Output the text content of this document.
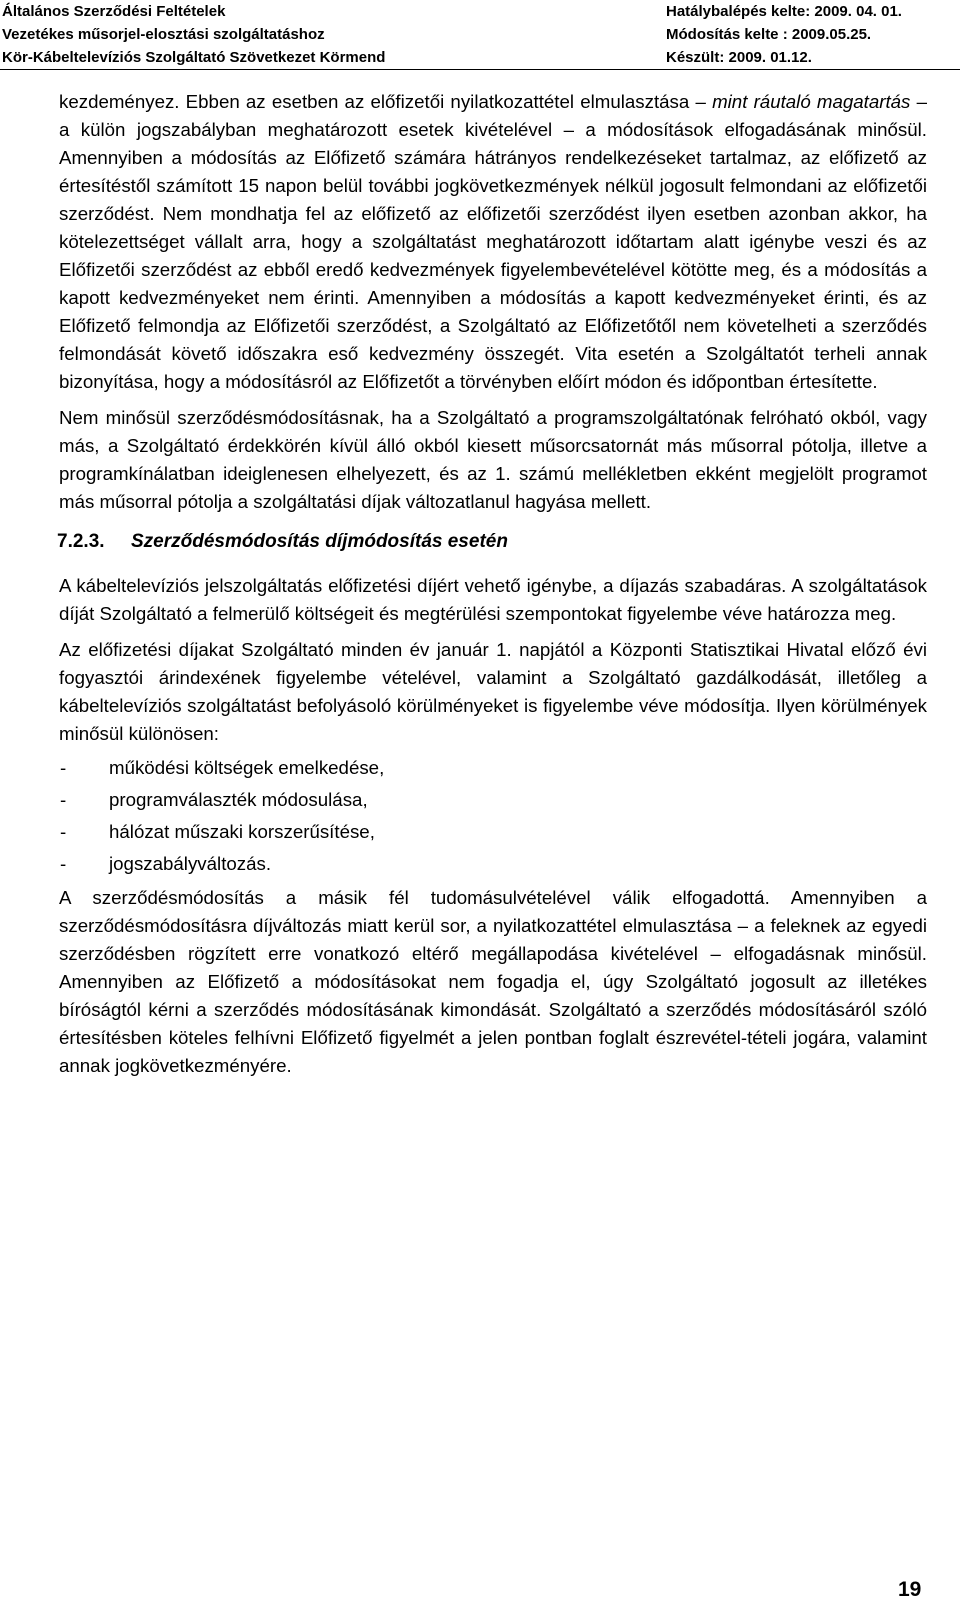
Általános Szerződési Feltételek	Hatálybalépés kelte: 2009. 04. 01.
Vezetékes műsorjel-elosztási szolgáltatáshoz	Módosítás kelte : 2009.05.25.
Kör-Kábeltelevíziós Szolgáltató Szövetkezet Körmend	Készült: 2009. 01.12.

kezdeményez. Ebben az esetben az előfizetői nyilatkozattétel elmulasztása – mint ráutaló magatartás – a külön jogszabályban meghatározott esetek kivételével – a módosítások elfogadásának minősül. Amennyiben a módosítás az Előfizető számára hátrányos rendelkezéseket tartalmaz, az előfizető az értesítéstől számított 15 napon belül további jogkövetkezmények nélkül jogosult felmondani az előfizetői szerződést. Nem mondhatja fel az előfizető az előfizetői szerződést ilyen esetben azonban akkor, ha kötelezettséget vállalt arra, hogy a szolgáltatást meghatározott időtartam alatt igénybe veszi és az Előfizetői szerződést az ebből eredő kedvezmények figyelembevételével kötötte meg, és a módosítás a kapott kedvezményeket nem érinti. Amennyiben a módosítás a kapott kedvezményeket érinti, és az Előfizető felmondja az Előfizetői szerződést, a Szolgáltató az Előfizetőtől nem követelheti a szerződés felmondását követő időszakra eső kedvezmény összegét. Vita esetén a Szolgáltatót terheli annak bizonyítása, hogy a módosításról az Előfizetőt a törvényben előírt módon és időpontban értesítette.

Nem minősül szerződésmódosításnak, ha a Szolgáltató a programszolgáltatónak felróható okból, vagy más, a Szolgáltató érdekkörén kívül álló okból kiesett műsorcsatornát más műsorral pótolja, illetve a programkínálatban ideiglenesen elhelyezett, és az 1. számú mellékletben ekként megjelölt programot más műsorral pótolja a szolgáltatási díjak változatlanul hagyása mellett.

7.2.3. Szerződésmódosítás díjmódosítás esetén

A kábeltelevíziós jelszolgáltatás előfizetési díjért vehető igénybe, a díjazás szabadáras. A szolgáltatások díját Szolgáltató a felmerülő költségeit és megtérülési szempontokat figyelembe véve határozza meg.

Az előfizetési díjakat Szolgáltató minden év január 1. napjától a Központi Statisztikai Hivatal előző évi fogyasztói árindexének figyelembe vételével, valamint a Szolgáltató gazdálkodását, illetőleg a kábeltelevíziós szolgáltatást befolyásoló körülményeket is figyelembe véve módosítja. Ilyen körülmények minősül különösen:

- működési költségek emelkedése,
- programválaszték módosulása,
- hálózat műszaki korszerűsítése,
- jogszabályváltozás.

A szerződésmódosítás a másik fél tudomásulvételével válik elfogadottá. Amennyiben a szerződésmódosításra díjváltozás miatt kerül sor, a nyilatkozattétel elmulasztása – a feleknek az egyedi szerződésben rögzített erre vonatkozó eltérő megállapodása kivételével – elfogadásnak minősül. Amennyiben az Előfizető a módosításokat nem fogadja el, úgy Szolgáltató jogosult az illetékes bíróságtól kérni a szerződés módosításának kimondását. Szolgáltató a szerződés módosításáról szóló értesítésben köteles felhívni Előfizető figyelmét a jelen pontban foglalt észrevétel-tételi jogára, valamint annak jogkövetkezményére.

19
